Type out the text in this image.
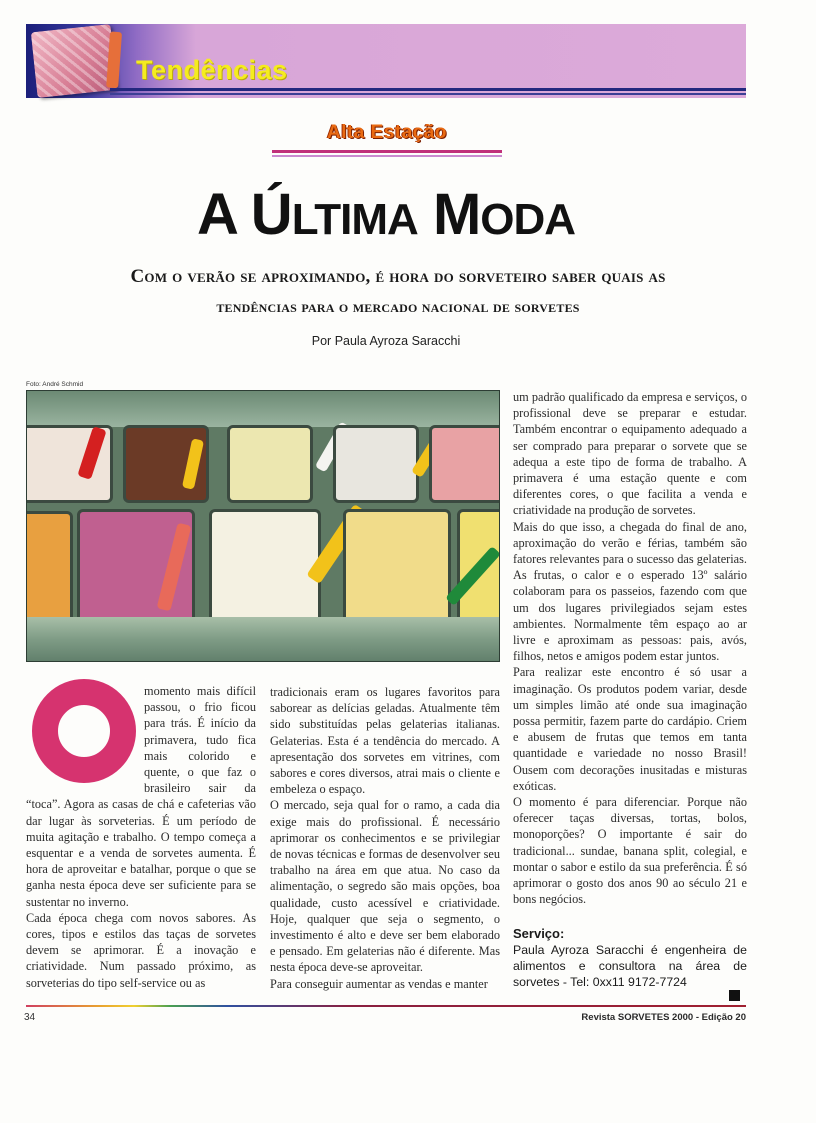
Tendências
Alta Estação
A ÚLTIMA MODA
Com o verão se aproximando, é hora do sorveteiro saber quais as
tendências para o mercado nacional de sorvetes
Por Paula Ayroza Saracchi
Foto: André Schmid

momento mais difícil passou, o frio ficou para trás. É início da primavera, tudo fica mais colorido e quente, o que faz o brasileiro sair da “toca”. Agora as casas de chá e cafeterias vão dar lugar às sorveterias. É um período de muita agitação e trabalho. O tempo começa a esquentar e a venda de sorvetes aumenta. É hora de aproveitar e batalhar, porque o que se ganha nesta época deve ser suficiente para se sustentar no inverno.

Cada época chega com novos sabores. As cores, tipos e estilos das taças de sorvetes devem se aprimorar. É a inovação e criatividade. Num passado próximo, as sorveterias do tipo self-service ou as

tradicionais eram os lugares favoritos para saborear as delícias geladas. Atualmente têm sido substituídas pelas gelaterias italianas. Gelaterias. Esta é a tendência do mercado. A apresentação dos sorvetes em vitrines, com sabores e cores diversos, atrai mais o cliente e embeleza o espaço.

O mercado, seja qual for o ramo, a cada dia exige mais do profissional. É necessário aprimorar os conhecimentos e se privilegiar de novas técnicas e formas de desenvolver seu trabalho na área em que atua. No caso da alimentação, o segredo são mais opções, boa qualidade, custo acessível e criatividade. Hoje, qualquer que seja o segmento, o investimento é alto e deve ser bem elaborado e pensado. Em gelaterias não é diferente. Mas nesta época deve-se aproveitar.

Para conseguir aumentar as vendas e manter

um padrão qualificado da empresa e serviços, o profissional deve se preparar e estudar. Também encontrar o equipamento adequado a ser comprado para preparar o sorvete que se adequa a este tipo de forma de trabalho. A primavera é uma estação quente e com diferentes cores, o que facilita a venda e criatividade na produção de sorvetes.

Mais do que isso, a chegada do final de ano, aproximação do verão e férias, também são fatores relevantes para o sucesso das gelaterias. As frutas, o calor e o esperado 13º salário colaboram para os passeios, fazendo com que um dos lugares privilegiados sejam estes ambientes. Normalmente têm espaço ao ar livre e aproximam as pessoas: pais, avós, filhos, netos e amigos podem estar juntos.

Para realizar este encontro é só usar a imaginação. Os produtos podem variar, desde um simples limão até onde sua imaginação possa permitir, fazem parte do cardápio. Criem e abusem de frutas que temos em tanta quantidade e variedade no nosso Brasil! Ousem com decorações inusitadas e misturas exóticas.

O momento é para diferenciar. Porque não oferecer taças diversas, tortas, bolos, monoporções? O importante é sair do tradicional... sundae, banana split, colegial, e montar o sabor e estilo da sua preferência. É só aprimorar o gosto dos anos 90 ao século 21 e bons negócios.

Serviço:
Paula Ayroza Saracchi é engenheira de alimentos e consultora na área de sorvetes - Tel: 0xx11 9172-7724
34	Revista SORVETES 2000 - Edição 20
